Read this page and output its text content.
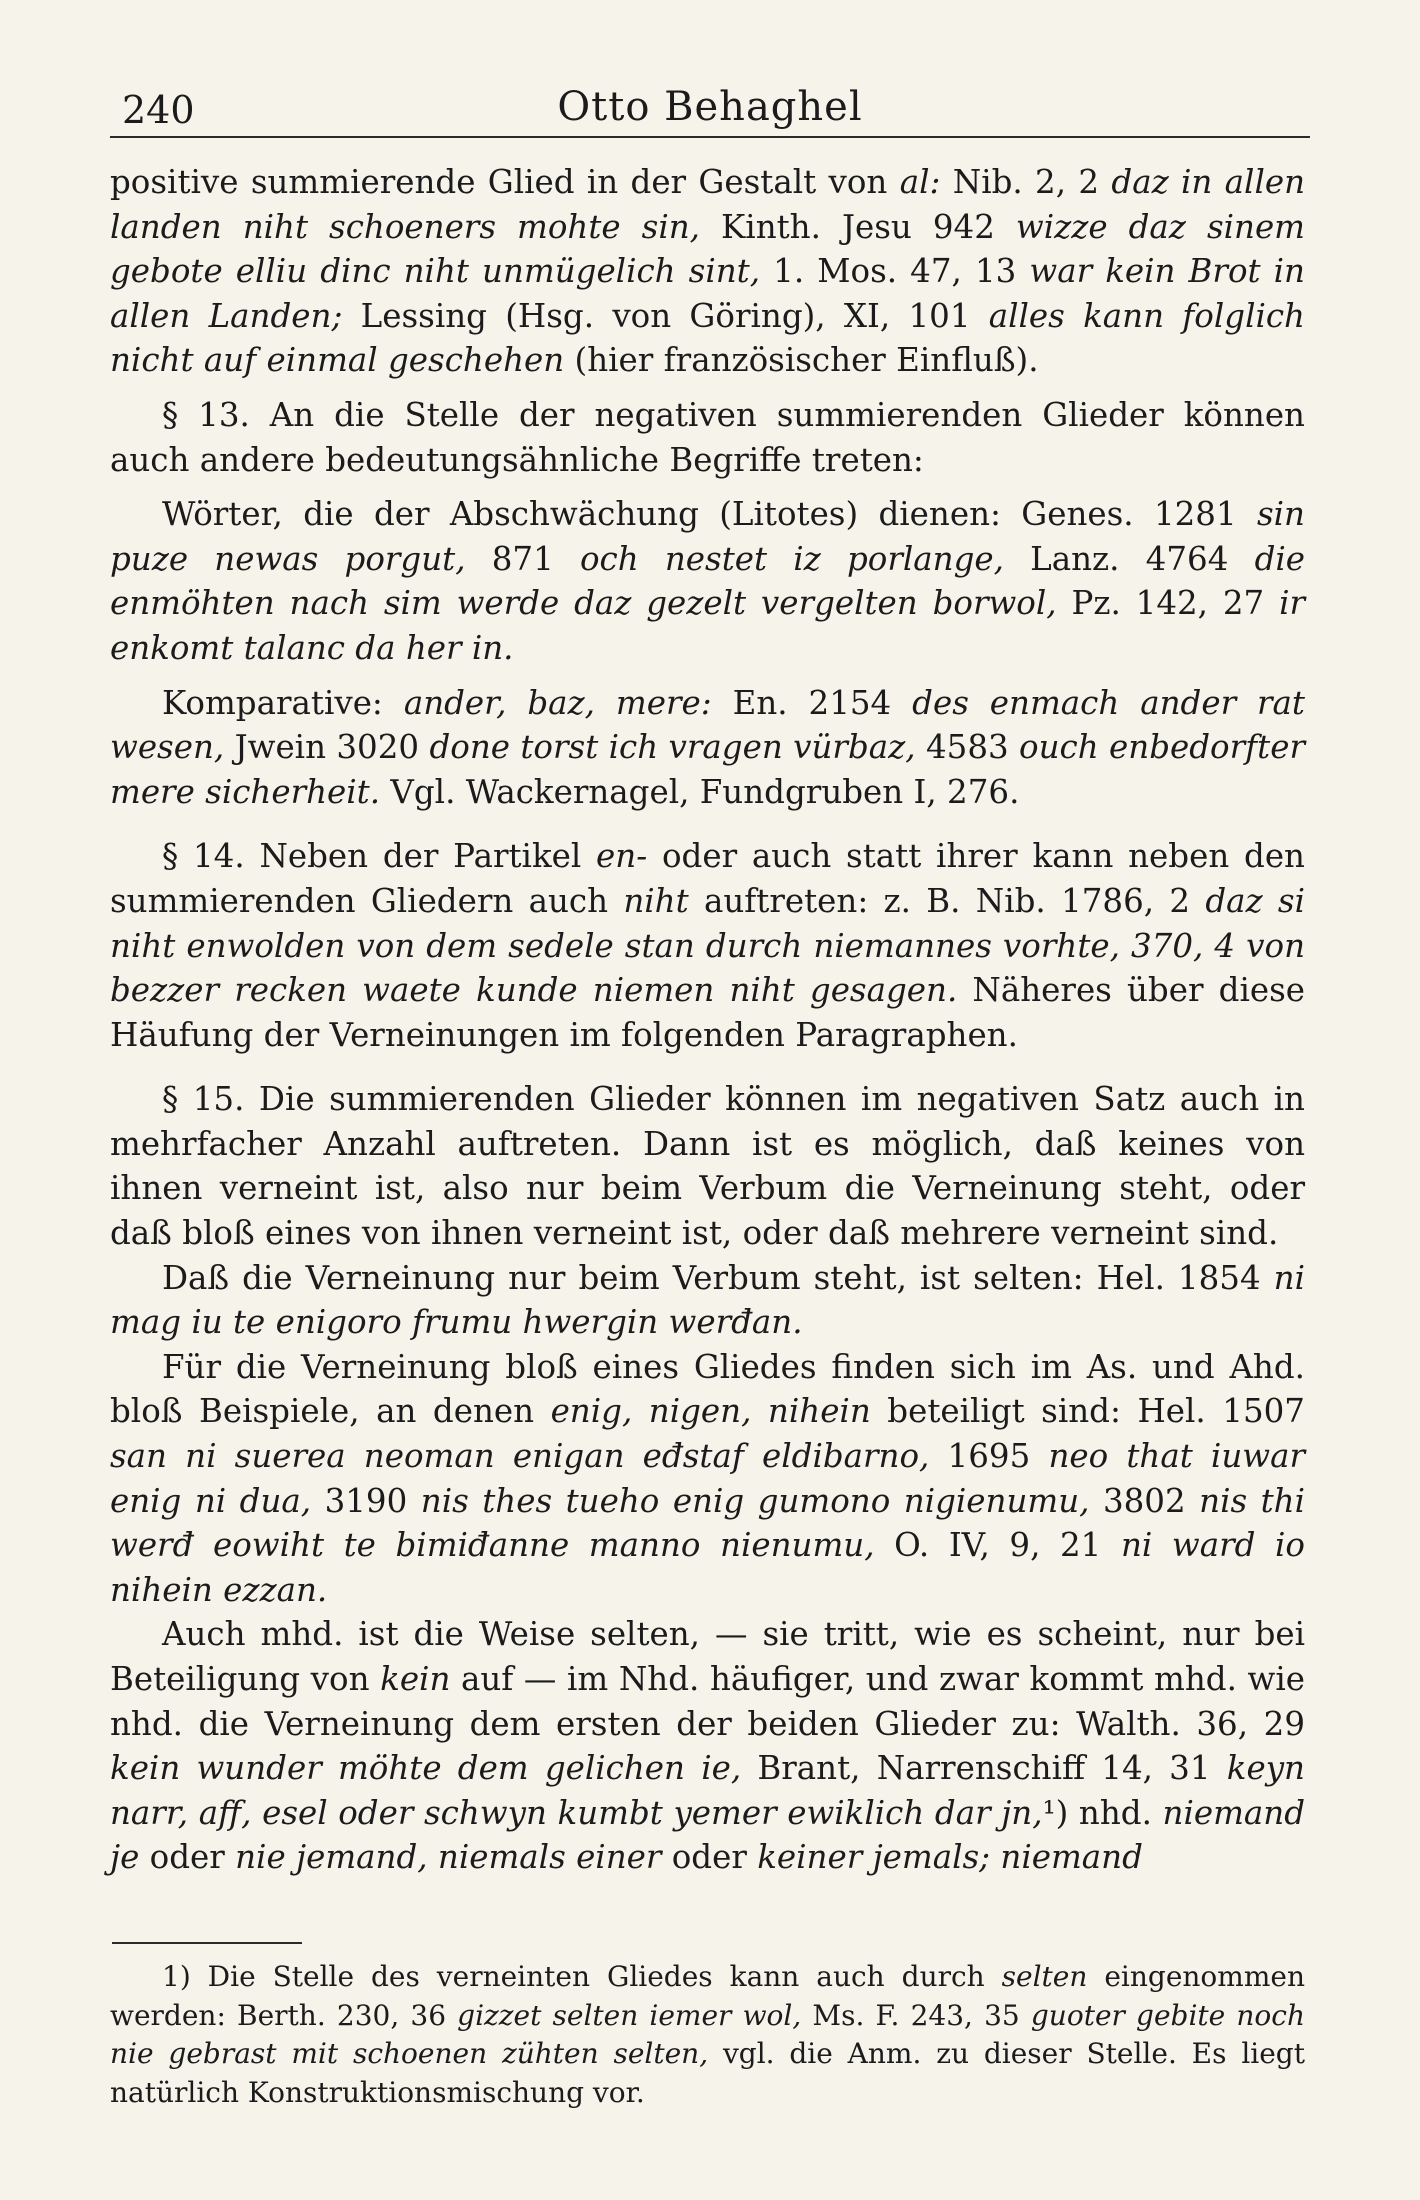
240	Otto Behaghel

positive summierende Glied in der Gestalt von al: Nib. 2, 2 daz in allen landen niht schoeners mohte sin, Kinth. Jesu 942 wizze daz sinem gebote elliu dinc niht unmügelich sint, 1. Mos. 47, 13 war kein Brot in allen Landen; Lessing (Hsg. von Göring), XI, 101 alles kann folglich nicht auf einmal geschehen (hier französischer Einfluß).

§ 13. An die Stelle der negativen summierenden Glieder können auch andere bedeutungsähnliche Begriffe treten:

Wörter, die der Abschwächung (Litotes) dienen: Genes. 1281 sin puze newas porgut, 871 och nestet iz porlange, Lanz. 4764 die enmöhten nach sim werde daz gezelt vergelten borwol, Pz. 142, 27 ir enkomt talanc da her in.

Komparative: ander, baz, mere: En. 2154 des enmach ander rat wesen, Jwein 3020 done torst ich vragen vürbaz, 4583 ouch enbedorfter mere sicherheit. Vgl. Wackernagel, Fundgruben I, 276.

§ 14. Neben der Partikel en- oder auch statt ihrer kann neben den summierenden Gliedern auch niht auftreten: z. B. Nib. 1786, 2 daz si niht enwolden von dem sedele stan durch niemannes vorhte, 370, 4 von bezzer recken waete kunde niemen niht gesagen. Näheres über diese Häufung der Verneinungen im folgenden Paragraphen.

§ 15. Die summierenden Glieder können im negativen Satz auch in mehrfacher Anzahl auftreten. Dann ist es möglich, daß keines von ihnen verneint ist, also nur beim Verbum die Verneinung steht, oder daß bloß eines von ihnen verneint ist, oder daß mehrere verneint sind.

Daß die Verneinung nur beim Verbum steht, ist selten: Hel. 1854 ni mag iu te enigoro frumu hwergin werđan.

Für die Verneinung bloß eines Gliedes finden sich im As. und Ahd. bloß Beispiele, an denen enig, nigen, nihein beteiligt sind: Hel. 1507 san ni suerea neoman enigan eđstaf eldibarno, 1695 neo that iuwar enig ni dua, 3190 nis thes tueho enig gumono nigienumu, 3802 nis thi werđ eowiht te bimiđanne manno nienumu, O. IV, 9, 21 ni ward io nihein ezzan.

Auch mhd. ist die Weise selten, — sie tritt, wie es scheint, nur bei Beteiligung von kein auf — im Nhd. häufiger, und zwar kommt mhd. wie nhd. die Verneinung dem ersten der beiden Glieder zu: Walth. 36, 29 kein wunder möhte dem gelichen ie, Brant, Narrenschiff 14, 31 keyn narr, aff, esel oder schwyn kumbt yemer ewiklich dar jn,¹) nhd. niemand je oder nie jemand, niemals einer oder keiner jemals; niemand

1) Die Stelle des verneinten Gliedes kann auch durch selten eingenommen werden: Berth. 230, 36 gizzet selten iemer wol, Ms. F. 243, 35 guoter gebite noch nie gebrast mit schoenen zühten selten, vgl. die Anm. zu dieser Stelle. Es liegt natürlich Konstruktionsmischung vor.
